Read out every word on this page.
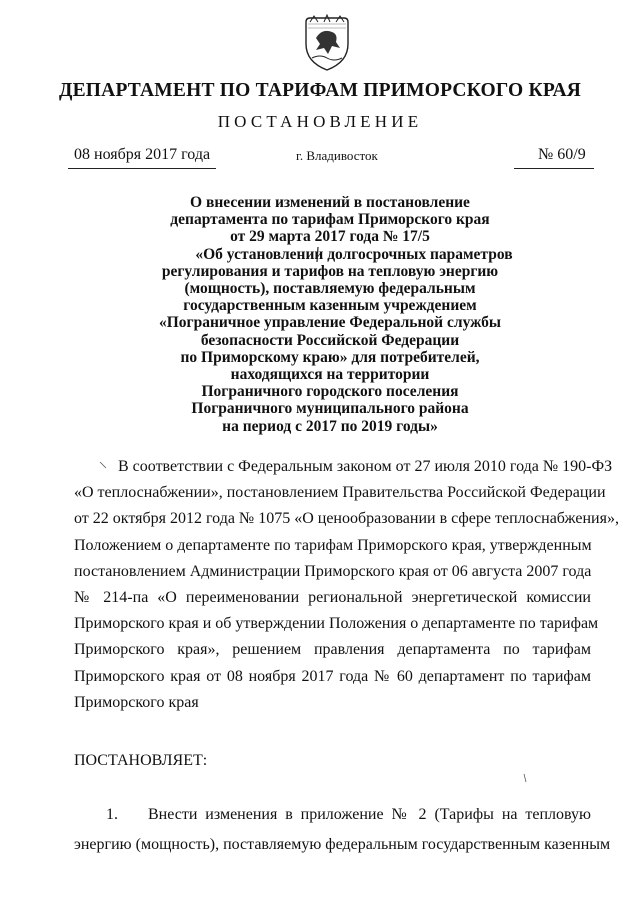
ДЕПАРТАМЕНТ ПО ТАРИФАМ ПРИМОРСКОГО КРАЯ
ПОСТАНОВЛЕНИЕ
08 ноября 2017 года	г. Владивосток	№ 60/9
О внесении изменений в постановление
департамента по тарифам Приморского края
от 29 марта 2017 года № 17/5
«Об установлении долгосрочных параметров
регулирования и тарифов на тепловую энергию
(мощность), поставляемую федеральным
государственным казенным учреждением
«Пограничное управление Федеральной службы
безопасности Российской Федерации
по Приморскому краю» для потребителей,
находящихся на территории
Пограничного городского поселения
Пограничного муниципального района
на период с 2017 по 2019 годы»
В соответствии с Федеральным законом от 27 июля 2010 года № 190-ФЗ
«О теплоснабжении», постановлением Правительства Российской Федерации
от 22 октября 2012 года № 1075 «О ценообразовании в сфере теплоснабжения»,
Положением о департаменте по тарифам Приморского края, утвержденным
постановлением Администрации Приморского края от 06 августа 2007 года
№ 214-па «О переименовании региональной энергетической комиссии
Приморского края и об утверждении Положения о департаменте по тарифам
Приморского края», решением правления департамента по тарифам
Приморского края от 08 ноября 2017 года № 60 департамент по тарифам
Приморского края
ПОСТАНОВЛЯЕТ:
1. Внести изменения в приложение № 2 (Тарифы на тепловую
энергию (мощность), поставляемую федеральным государственным казенным
